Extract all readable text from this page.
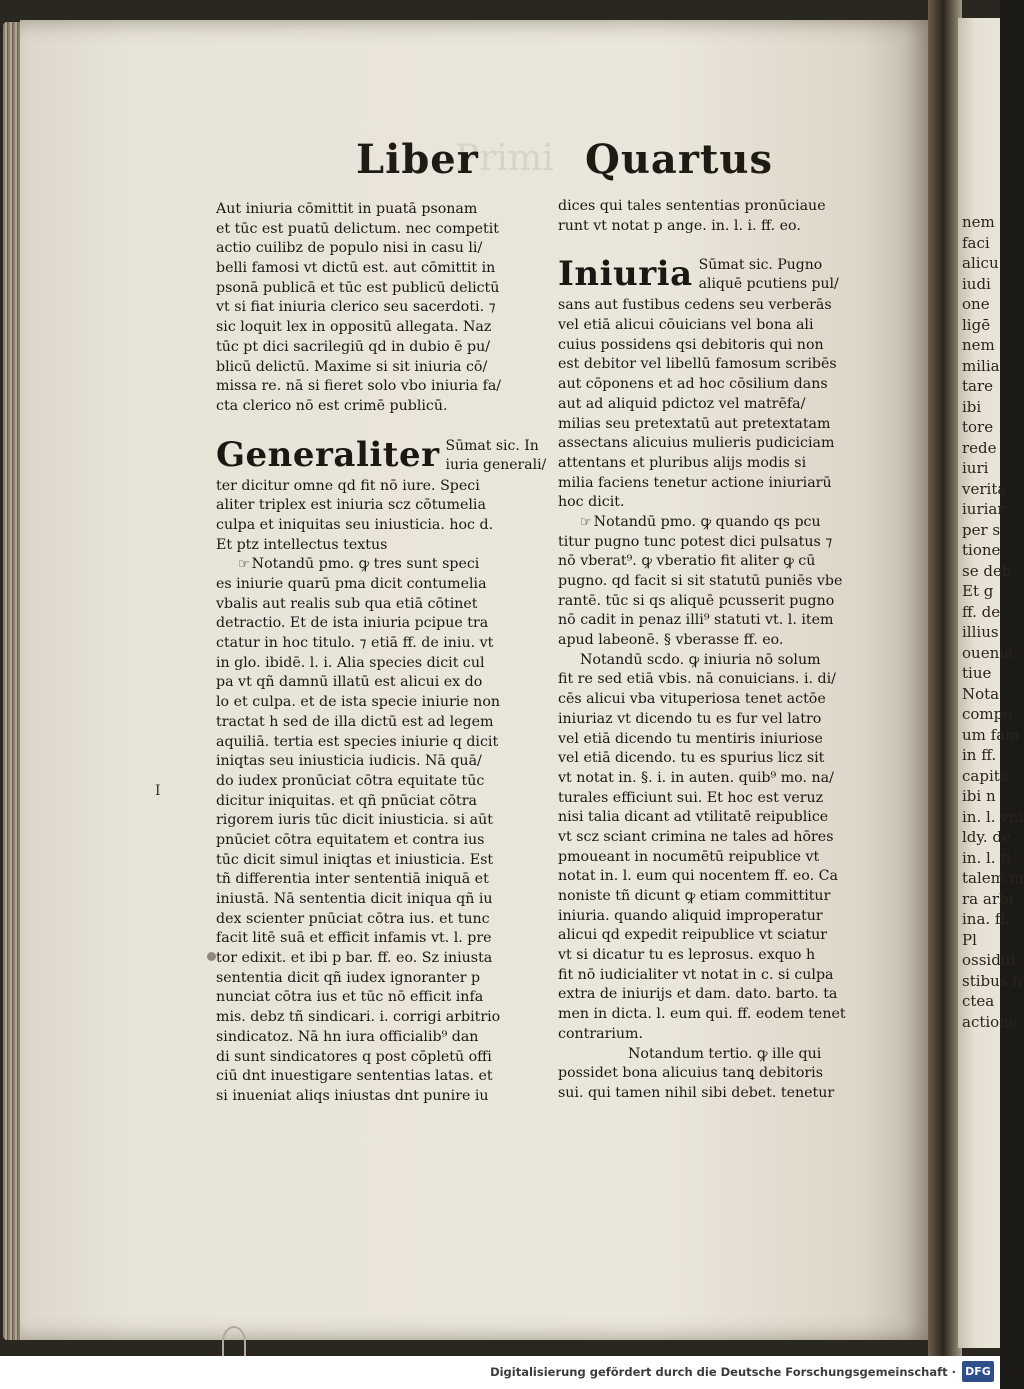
nem
faci
alicu
iudi
one
ligē
nem
milia
tare
ibi
tore
rede
iuri
verita
iuriar
per s
tione
se deb
Et g
ff. de
illius
ouenia
tiue
Nota
compo
um fam
in ff.
capita
ibi n
in. l. vni
ldy. de
in. l. ti
talem m
ra arbi
ina. ff.
Pl
ossidui
stibus h
ctea
actione
Primi
Liber	Quartus
Aut iniuria cōmittit in puatā psonam
et tūc est puatū delictum. nec competit
actio cuilibz de populo nisi in casu li/
belli famosi vt dictū est. aut cōmittit in
psonā publicā et tūc est publicū delictū
vt si fiat iniuria clerico seu sacerdoti. ⁊
sic loquit lex in oppositū allegata. Naz
tūc pt dici sacrilegiū qd in dubio ē pu/
blicū delictū. Maxime si sit iniuria cō/
missa re. nā si fieret solo vbo iniuria fa/
cta clerico nō est crimē publicū.
Generaliter Sūmat sic. In
iuria generali/
ter dicitur omne qd fit nō iure. Speci
aliter triplex est iniuria scz cōtumelia
culpa et iniquitas seu iniusticia. hoc d.
Et ptz intellectus textus
☞ Notandū pmo. ꝙ tres sunt speci
es iniurie quarū pma dicit contumelia
vbalis aut realis sub qua etiā cōtinet
detractio. Et de ista iniuria pcipue tra
ctatur in hoc titulo. ⁊ etiā ff. de iniu. vt
in glo. ibidē. l. i. Alia species dicit cul
pa vt qñ damnū illatū est alicui ex do
lo et culpa. et de ista specie iniurie non
tractat h sed de illa dictū est ad legem
aquiliā. tertia est species iniurie q dicit
iniqtas seu iniusticia iudicis. Nā quā/
do iudex pronūciat cōtra equitate tūc
dicitur iniquitas. et qñ pnūciat cōtra
rigorem iuris tūc dicit iniusticia. si aūt
pnūciet cōtra equitatem et contra ius
tūc dicit simul iniqtas et iniusticia. Est
tñ differentia inter sententiā iniquā et
iniustā. Nā sententia dicit iniqua qñ iu
dex scienter pnūciat cōtra ius. et tunc
facit litē suā et efficit infamis vt. l. pre
tor edixit. et ibi p bar. ff. eo. Sz iniusta
sententia dicit qñ iudex ignoranter p
nunciat cōtra ius et tūc nō efficit infa
mis. debz tñ sindicari. i. corrigi arbitrio
sindicatoz. Nā hn iura officialib⁹ dan
di sunt sindicatores q post cōpletū offi
ciū dnt inuestigare sententias latas. et
si inueniat aliqs iniustas dnt punire iu
dices qui tales sententias pronūciaue
runt vt notat p ange. in. l. i. ff. eo.
Iniuria Sūmat sic. Pugno
aliquē pcutiens pul/
sans aut fustibus cedens seu verberās
vel etiā alicui cōuicians vel bona ali
cuius possidens qsi debitoris qui non
est debitor vel libellū famosum scribēs
aut cōponens et ad hoc cōsilium dans
aut ad aliquid pdictoz vel matrēfa/
milias seu pretextatū aut pretextatam
assectans alicuius mulieris pudiciciam
attentans et pluribus alijs modis si
milia faciens tenetur actione iniuriarū
hoc dicit.
☞ Notandū pmo. ꝙ quando qs pcu
titur pugno tunc potest dici pulsatus ⁊
nō vberat⁹. ꝙ vberatio fit aliter ꝙ cū
pugno. qd facit si sit statutū puniēs vbe
rantē. tūc si qs aliquē pcusserit pugno
nō cadit in penaz illi⁹ statuti vt. l. item
apud labeonē. § vberasse ff. eo.
Notandū scdo. ꝙ iniuria nō solum
fit re sed etiā vbis. nā conuicians. i. di/
cēs alicui vba vituperiosa tenet actōe
iniuriaz vt dicendo tu es fur vel latro
vel etiā dicendo tu mentiris iniuriose
vel etiā dicendo. tu es spurius licz sit
vt notat in. §. i. in auten. quib⁹ mo. na/
turales efficiunt sui. Et hoc est veruz
nisi talia dicant ad vtilitatē reipublice
vt scz sciant crimina ne tales ad hōres
pmoueant in nocumētū reipublice vt
notat in. l. eum qui nocentem ff. eo. Ca
noniste tñ dicunt ꝙ etiam committitur
iniuria. quando aliquid improperatur
alicui qd expedit reipublice vt sciatur
vt si dicatur tu es leprosus. exquo h
fit nō iudicialiter vt notat in c. si culpa
extra de iniurijs et dam. dato. barto. ta
men in dicta. l. eum qui. ff. eodem tenet
contrarium.
Notandum tertio. ꝙ ille qui
possidet bona alicuius tanꝗ debitoris
sui. qui tamen nihil sibi debet. tenetur
I
Digitalisierung gefördert durch die Deutsche Forschungsgemeinschaft · DFG
